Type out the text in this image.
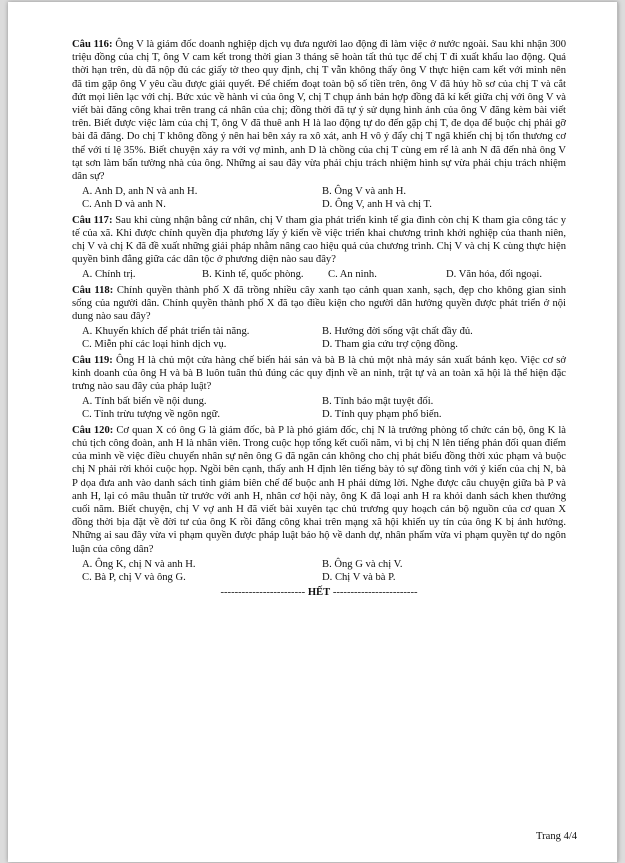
Câu 116: Ông V là giám đốc doanh nghiệp dịch vụ đưa người lao động đi làm việc ở nước ngoài. Sau khi nhận 300 triệu đồng của chị T, ông V cam kết trong thời gian 3 tháng sẽ hoàn tất thủ tục để chị T đi xuất khẩu lao động. Quá thời hạn trên, dù đã nộp đủ các giấy tờ theo quy định, chị T vẫn không thấy ông V thực hiện cam kết với mình nên đã tìm gặp ông V yêu cầu được giải quyết. Để chiếm đoạt toàn bộ số tiền trên, ông V đã hủy hồ sơ của chị T và cắt đứt mọi liên lạc với chị. Bức xúc về hành vi của ông V, chị T chụp ảnh bản hợp đồng đã kí kết giữa chị với ông V và viết bài đăng công khai trên trang cá nhân của chị; đồng thời đã tự ý sử dụng hình ảnh của ông V đăng kèm bài viết trên. Biết được việc làm của chị T, ông V đã thuê anh H là lao động tự do đến gặp chị T, đe dọa để buộc chị phải gỡ bài đã đăng. Do chị T không đồng ý nên hai bên xảy ra xô xát, anh H vô ý đẩy chị T ngã khiến chị bị tổn thương cơ thể với tỉ lệ 35%. Biết chuyện xảy ra với vợ mình, anh D là chồng của chị T cùng em rể là anh N đã đến nhà ông V tạt sơn làm bẩn tường nhà của ông. Những ai sau đây vừa phải chịu trách nhiệm hình sự vừa phải chịu trách nhiệm dân sự?

A. Anh D, anh N và anh H.	B. Ông V và anh H.
C. Anh D và anh N.	D. Ông V, anh H và chị T.

Câu 117: Sau khi cùng nhận bằng cử nhân, chị V tham gia phát triển kinh tế gia đình còn chị K tham gia công tác y tế của xã. Khi được chính quyền địa phương lấy ý kiến về việc triển khai chương trình khởi nghiệp của thanh niên, chị V và chị K đã đề xuất những giải pháp nhằm nâng cao hiệu quả của chương trình. Chị V và chị K cùng thực hiện quyền bình đẳng giữa các dân tộc ở phương diện nào sau đây?

A. Chính trị.	B. Kinh tế, quốc phòng.	C. An ninh.	D. Văn hóa, đối ngoại.

Câu 118: Chính quyền thành phố X đã trồng nhiều cây xanh tạo cảnh quan xanh, sạch, đẹp cho không gian sinh sống của người dân. Chính quyền thành phố X đã tạo điều kiện cho người dân hưởng quyền được phát triển ở nội dung nào sau đây?

A. Khuyến khích để phát triển tài năng.	B. Hưởng đời sống vật chất đầy đủ.
C. Miễn phí các loại hình dịch vụ.	D. Tham gia cứu trợ cộng đồng.

Câu 119: Ông H là chủ một cửa hàng chế biến hải sản và bà B là chủ một nhà máy sản xuất bánh kẹo. Việc cơ sở kinh doanh của ông H và bà B luôn tuân thủ đúng các quy định về an ninh, trật tự và an toàn xã hội là thể hiện đặc trưng nào sau đây của pháp luật?

A. Tính bất biến về nội dung.	B. Tính bảo mật tuyệt đối.
C. Tính trừu tượng về ngôn ngữ.	D. Tính quy phạm phổ biến.

Câu 120: Cơ quan X có ông G là giám đốc, bà P là phó giám đốc, chị N là trưởng phòng tổ chức cán bộ, ông K là chủ tịch công đoàn, anh H là nhân viên. Trong cuộc họp tổng kết cuối năm, vì bị chị N lên tiếng phản đối quan điểm của mình về việc điều chuyển nhân sự nên ông G đã ngăn cản không cho chị phát biểu đồng thời xúc phạm và buộc chị N phải rời khỏi cuộc họp. Ngồi bên cạnh, thấy anh H định lên tiếng bày tỏ sự đồng tình với ý kiến của chị N, bà P dọa đưa anh vào danh sách tinh giảm biên chế để buộc anh H phải dừng lời. Nghe được câu chuyện giữa bà P và anh H, lại có mâu thuẫn từ trước với anh H, nhân cơ hội này, ông K đã loại anh H ra khỏi danh sách khen thưởng cuối năm. Biết chuyện, chị V vợ anh H đã viết bài xuyên tạc chủ trương quy hoạch cán bộ nguồn của cơ quan X đồng thời bịa đặt về đời tư của ông K rồi đăng công khai trên mạng xã hội khiến uy tín của ông K bị ảnh hưởng. Những ai sau đây vừa vi phạm quyền được pháp luật bảo hộ về danh dự, nhân phẩm vừa vi phạm quyền tự do ngôn luận của công dân?

A. Ông K, chị N và anh H.	B. Ông G và chị V.
C. Bà P, chị V và ông G.	D. Chị V và bà P.
------------------------ HẾT ------------------------
Trang 4/4
